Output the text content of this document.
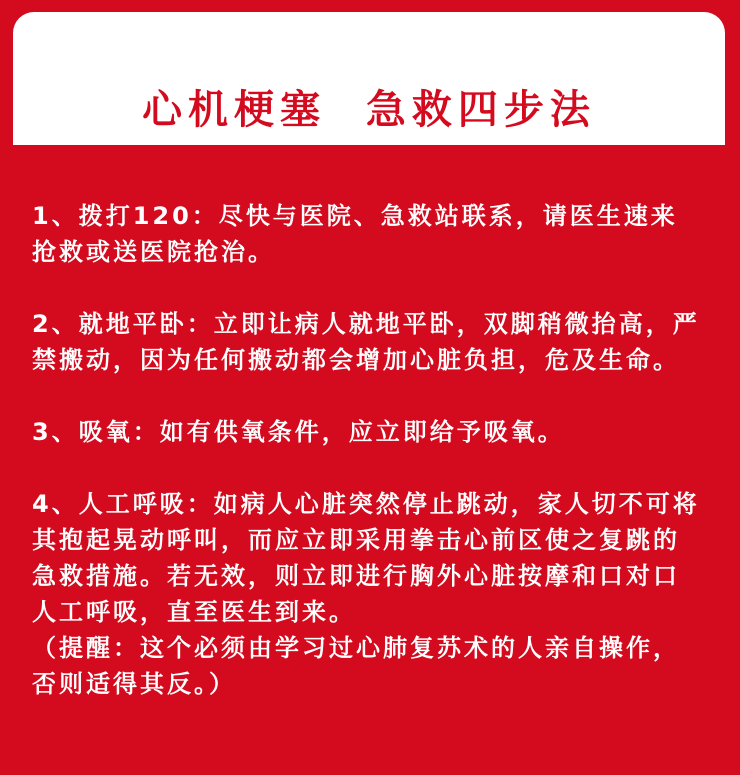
心机梗塞  急救四步法
1、拨打120：尽快与医院、急救站联系，请医生速来抢救或送医院抢治。
2、就地平卧：立即让病人就地平卧，双脚稍微抬高，严禁搬动，因为任何搬动都会增加心脏负担，危及生命。
3、吸氧：如有供氧条件，应立即给予吸氧。
4、人工呼吸：如病人心脏突然停止跳动，家人切不可将其抱起晃动呼叫，而应立即采用拳击心前区使之复跳的急救措施。若无效，则立即进行胸外心脏按摩和口对口人工呼吸，直至医生到来。
（提醒：这个必须由学习过心肺复苏术的人亲自操作，否则适得其反。）
